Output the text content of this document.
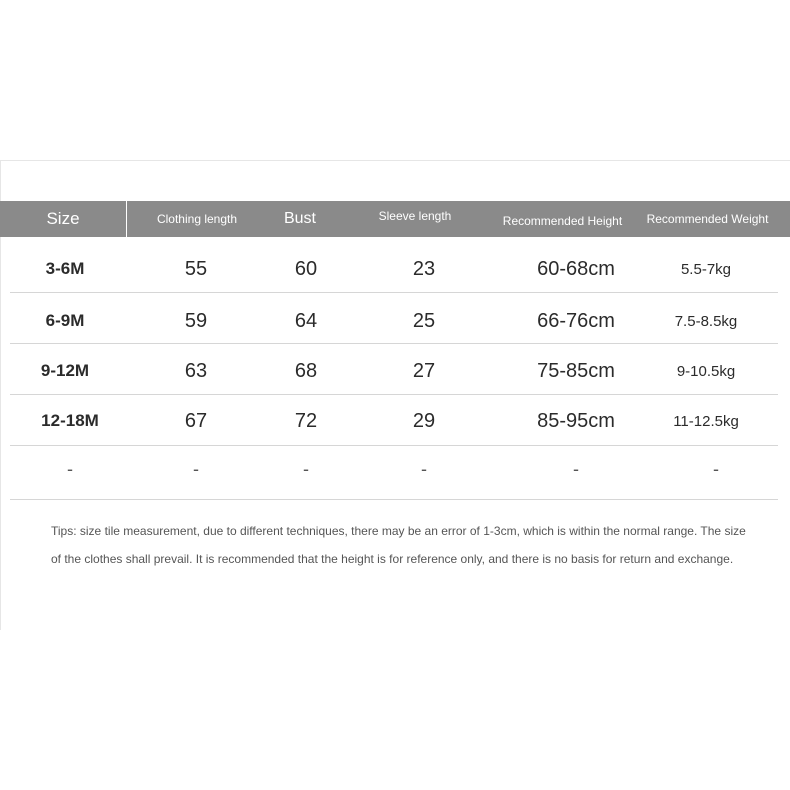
Size	Clothing length	Bust	Sleeve length	Recommended Height	Recommended Weight
3-6M	55	60	23	60-68cm	5.5-7kg
6-9M	59	64	25	66-76cm	7.5-8.5kg
9-12M	63	68	27	75-85cm	9-10.5kg
12-18M	67	72	29	85-95cm	11-12.5kg
-	-	-	-	-	-
Tips: size tile measurement, due to different techniques, there may be an error of 1-3cm, which is within the normal range. The size
of the clothes shall prevail. It is recommended that the height is for reference only, and there is no basis for return and exchange.
